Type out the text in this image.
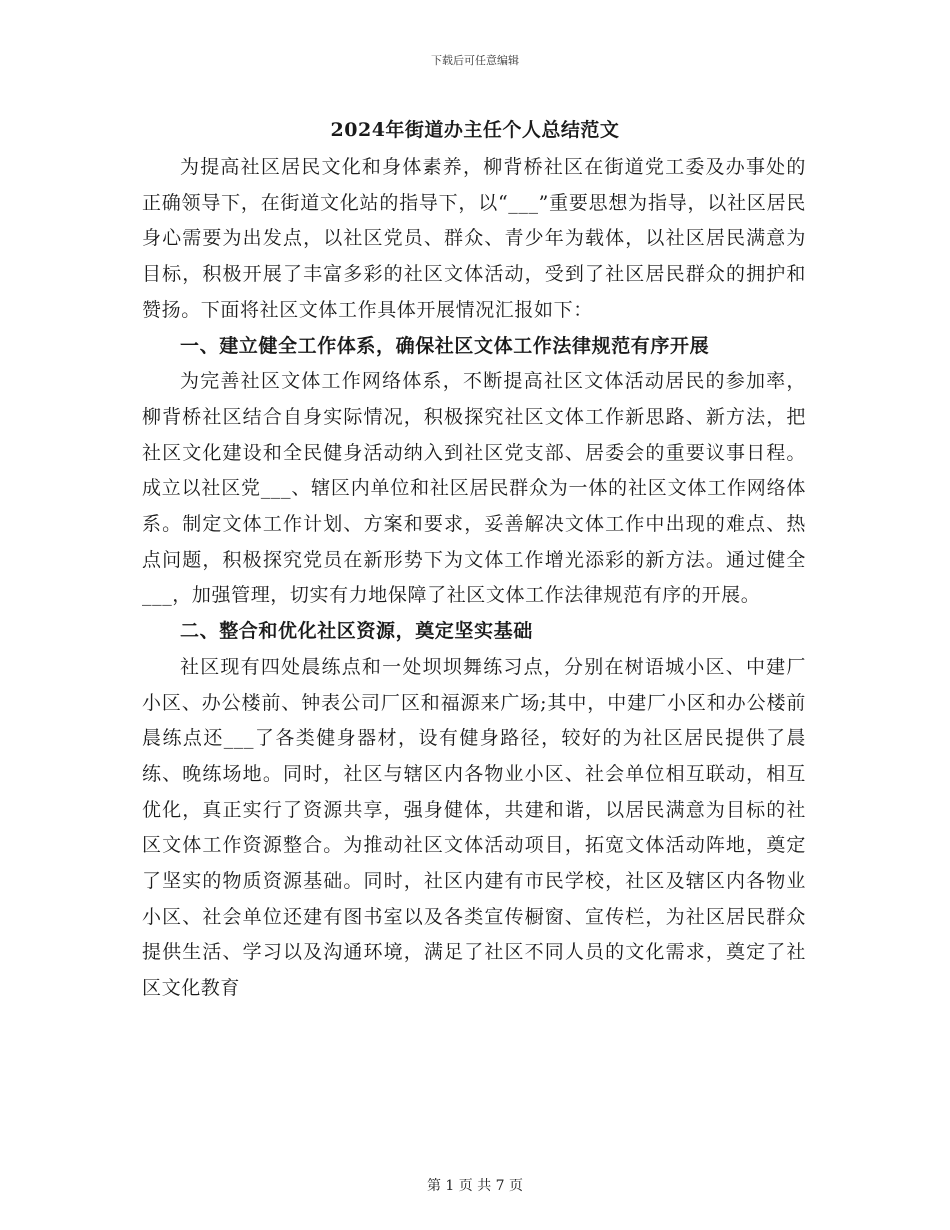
下载后可任意编辑
2024年街道办主任个人总结范文

为提高社区居民文化和身体素养，柳背桥社区在街道党工委及办事处的正确领导下，在街道文化站的指导下，以“___”重要思想为指导，以社区居民身心需要为出发点，以社区党员、群众、青少年为载体，以社区居民满意为目标，积极开展了丰富多彩的社区文体活动，受到了社区居民群众的拥护和赞扬。下面将社区文体工作具体开展情况汇报如下：

一、建立健全工作体系，确保社区文体工作法律规范有序开展

为完善社区文体工作网络体系，不断提高社区文体活动居民的参加率，柳背桥社区结合自身实际情况，积极探究社区文体工作新思路、新方法，把社区文化建设和全民健身活动纳入到社区党支部、居委会的重要议事日程。成立以社区党___、辖区内单位和社区居民群众为一体的社区文体工作网络体系。制定文体工作计划、方案和要求，妥善解决文体工作中出现的难点、热点问题，积极探究党员在新形势下为文体工作增光添彩的新方法。通过健全___，加强管理，切实有力地保障了社区文体工作法律规范有序的开展。

二、整合和优化社区资源，奠定坚实基础

社区现有四处晨练点和一处坝坝舞练习点，分别在树语城小区、中建厂小区、办公楼前、钟表公司厂区和福源来广场;其中，中建厂小区和办公楼前晨练点还___了各类健身器材，设有健身路径，较好的为社区居民提供了晨练、晚练场地。同时，社区与辖区内各物业小区、社会单位相互联动，相互优化，真正实行了资源共享，强身健体，共建和谐，以居民满意为目标的社区文体工作资源整合。为推动社区文体活动项目，拓宽文体活动阵地，奠定了坚实的物质资源基础。同时，社区内建有市民学校，社区及辖区内各物业小区、社会单位还建有图书室以及各类宣传橱窗、宣传栏，为社区居民群众提供生活、学习以及沟通环境，满足了社区不同人员的文化需求，奠定了社区文化教育

第 1 页 共 7 页
